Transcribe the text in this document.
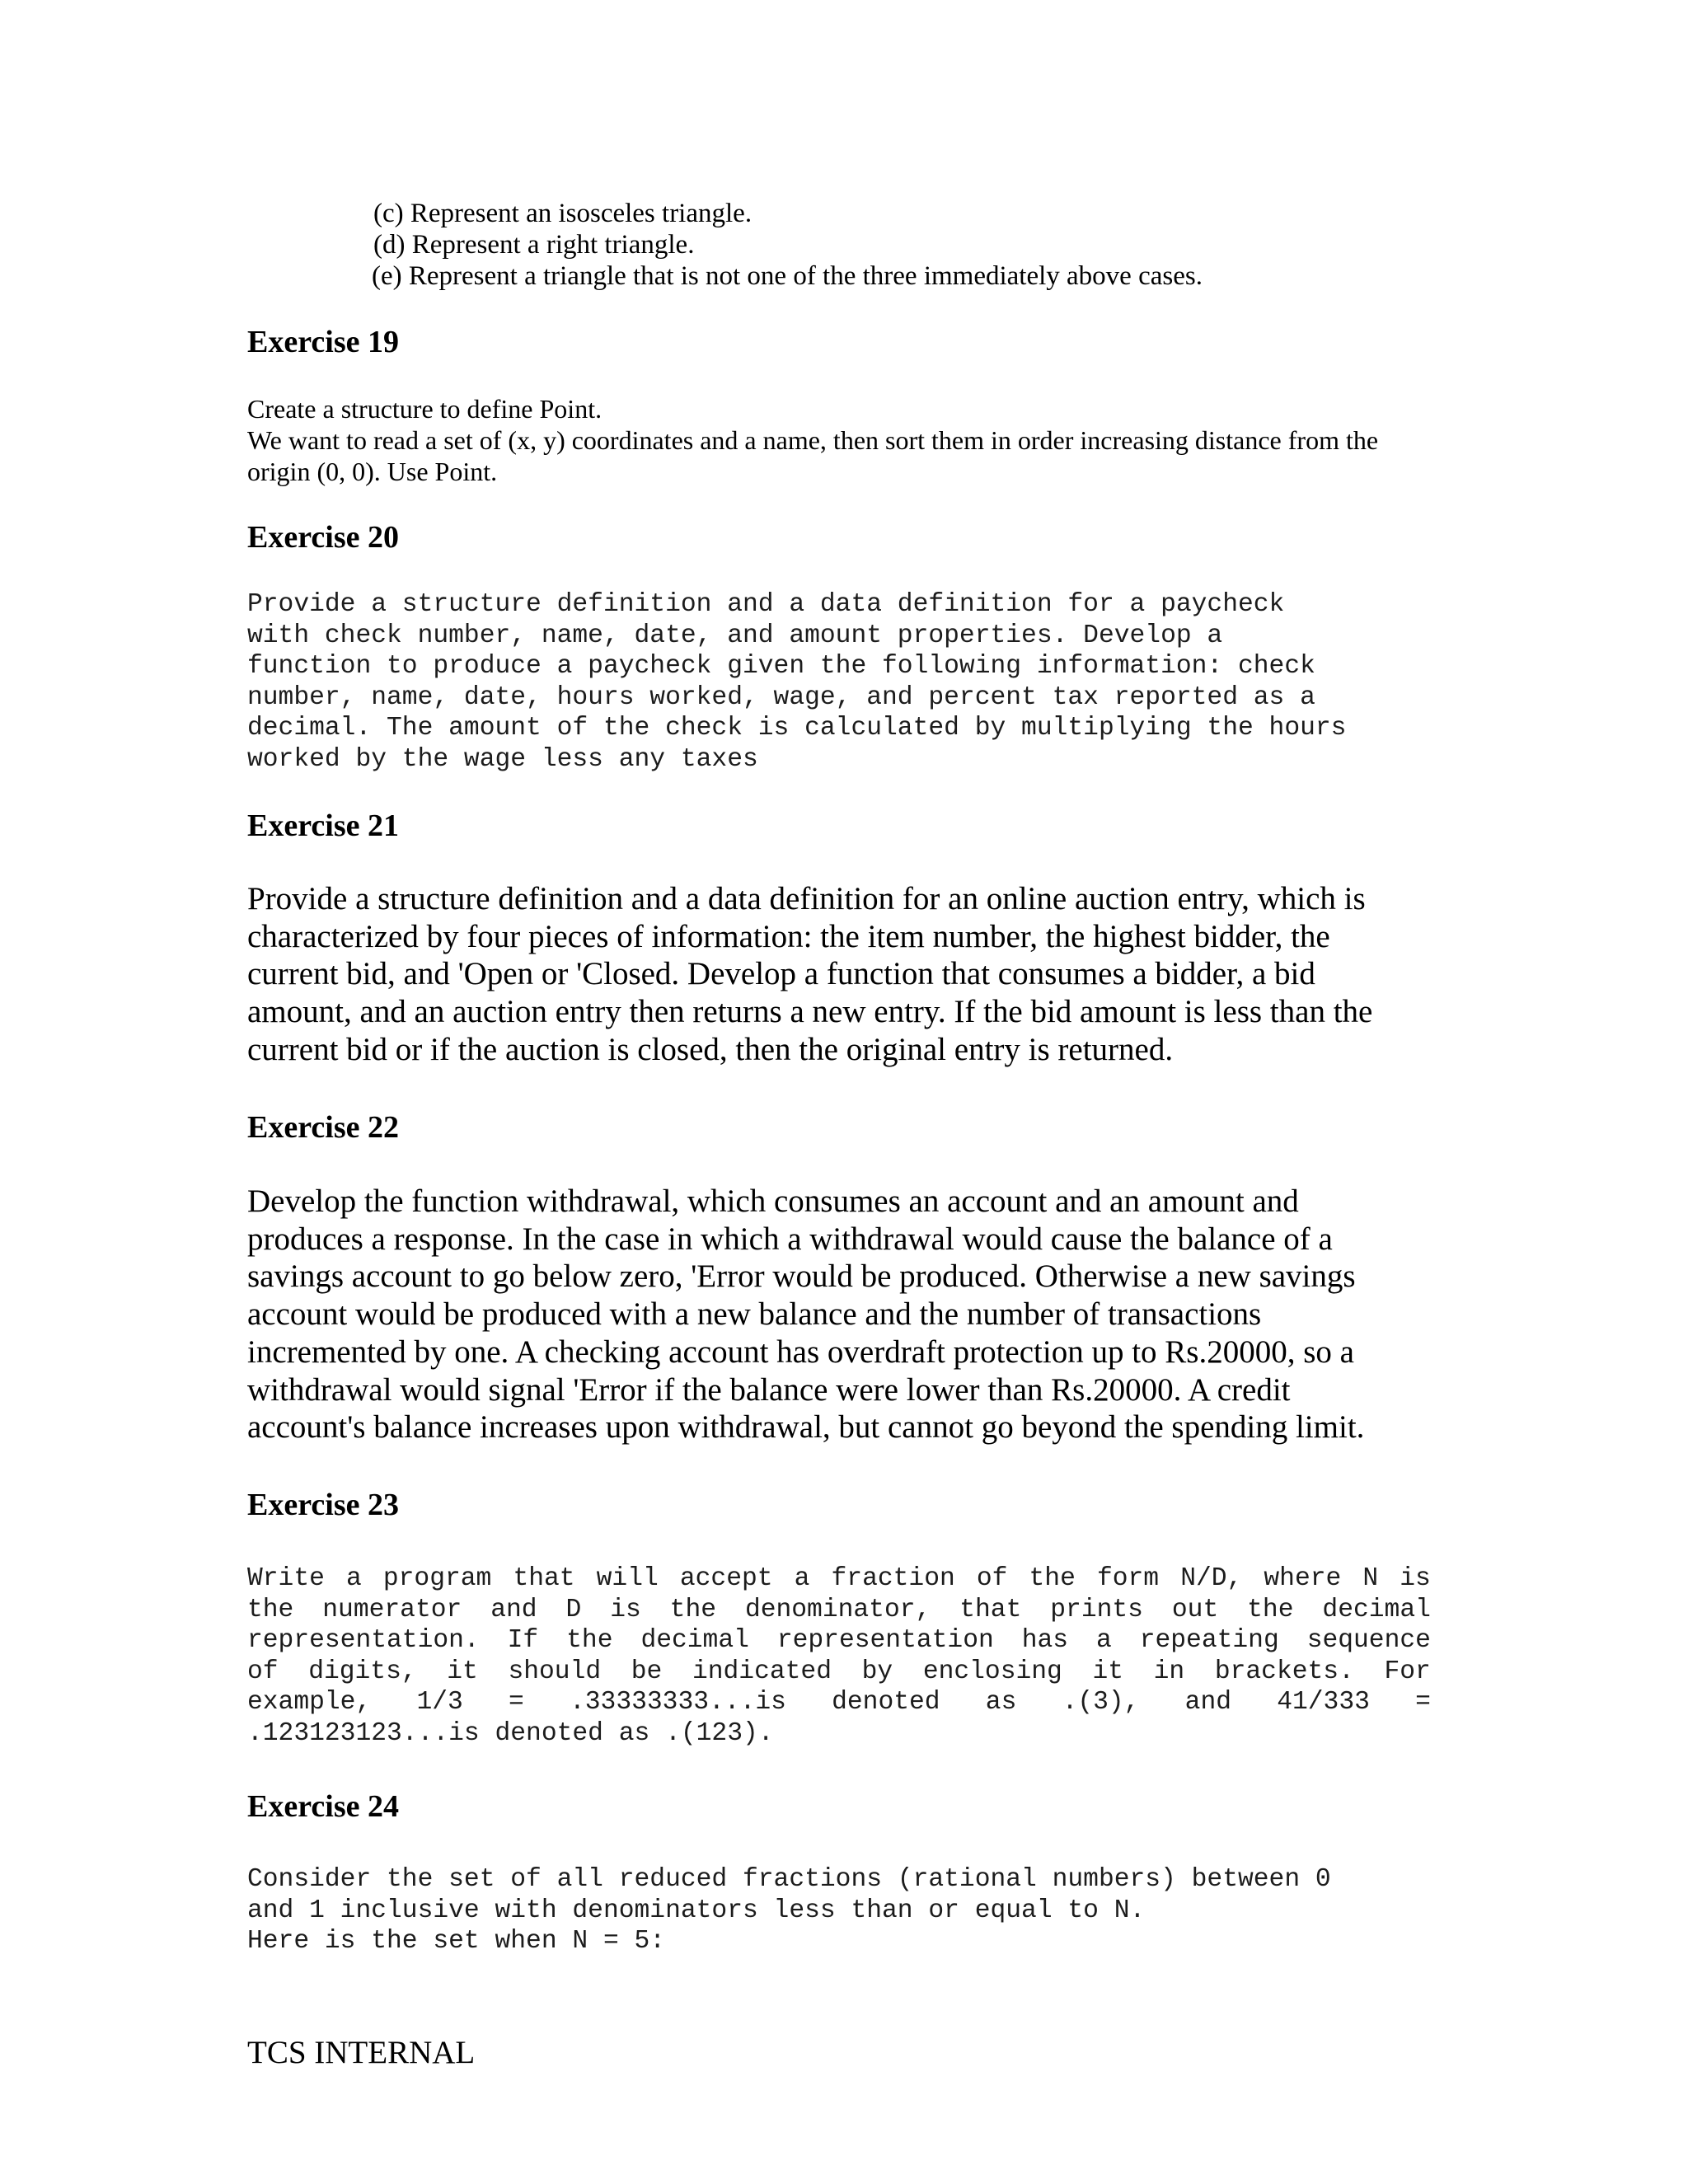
(c) Represent an isosceles triangle.
(d) Represent a right triangle.
(e) Represent a triangle that is not one of the three immediately above cases.
Exercise 19
Create a structure to define Point.
We want to read a set of (x, y) coordinates and a name, then sort them in order increasing distance from the
origin (0, 0). Use Point.
Exercise 20
Provide a structure definition and a data definition for a paycheck
with check number, name, date, and amount properties. Develop a
function to produce a paycheck given the following information: check
number, name, date, hours worked, wage, and percent tax reported as a
decimal. The amount of the check is calculated by multiplying the hours
worked by the wage less any taxes
Exercise 21
Provide a structure definition and a data definition for an online auction entry, which is
characterized by four pieces of information: the item number, the highest bidder, the
current bid, and 'Open or 'Closed. Develop a function that consumes a bidder, a bid
amount, and an auction entry then returns a new entry. If the bid amount is less than the
current bid or if the auction is closed, then the original entry is returned.
Exercise 22
Develop the function withdrawal, which consumes an account and an amount and
produces a response. In the case in which a withdrawal would cause the balance of a
savings account to go below zero, 'Error would be produced. Otherwise a new savings
account would be produced with a new balance and the number of transactions
incremented by one. A checking account has overdraft protection up to Rs.20000, so a
withdrawal would signal 'Error if the balance were lower than Rs.20000. A credit
account's balance increases upon withdrawal, but cannot go beyond the spending limit.
Exercise 23
Write a program that will accept a fraction of the form N/D, where N is
the numerator and D is the denominator, that prints out the decimal
representation. If the decimal representation has a repeating sequence
of digits, it should be indicated by enclosing it in brackets. For
example, 1/3 = .33333333...is denoted as .(3), and 41/333 =
.123123123...is denoted as .(123).
Exercise 24
Consider the set of all reduced fractions (rational numbers) between 0
and 1 inclusive with denominators less than or equal to N.
Here is the set when N = 5:
TCS INTERNAL
